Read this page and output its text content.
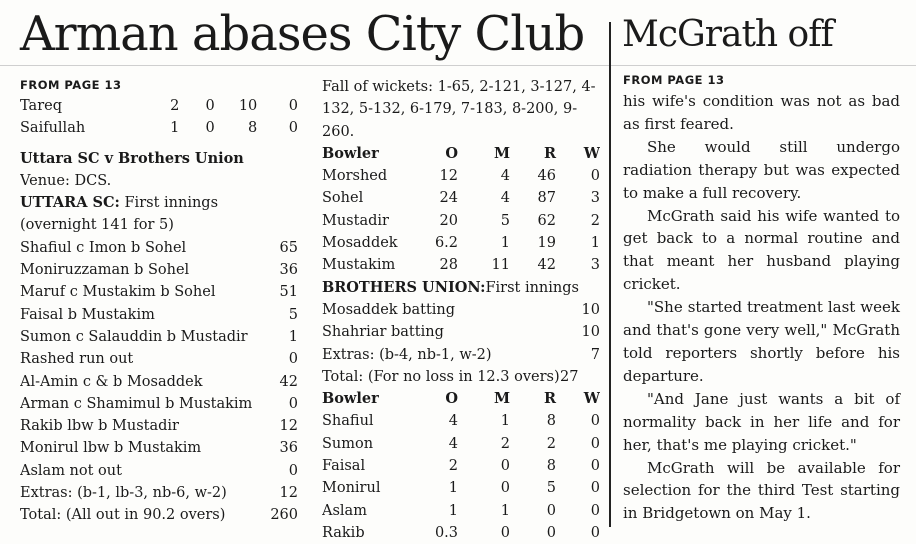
Arman abases City Club McGrath off
FROM PAGE 13
Tareq	2	0	10	0
Saifullah	1	0	8	0
Uttara SC v Brothers Union
Venue: DCS.
UTTARA SC: First innings (overnight 141 for 5)
Shafiul c Imon b Sohel	65
Moniruzzaman b Sohel	36
Maruf c Mustakim b Sohel	51
Faisal b Mustakim	5
Sumon c Salauddin b Mustadir	1
Rashed run out	0
Al-Amin c & b Mosaddek	42
Arman c Shamimul b Mustakim	0
Rakib lbw b Mustadir	12
Monirul lbw b Mustakim	36
Aslam not out	0
Extras: (b-1, lb-3, nb-6, w-2)	12
Total: (All out in 90.2 overs)	260
Fall of wickets: 1-65, 2-121, 3-127, 4-132, 5-132, 6-179, 7-183, 8-200, 9-260.
Bowler	O	M	R	W
Morshed	12	4	46	0
Sohel	24	4	87	3
Mustadir	20	5	62	2
Mosaddek	6.2	1	19	1
Mustakim	28	11	42	3
BROTHERS UNION: First innings
Mosaddek batting	10
Shahriar batting	10
Extras: (b-4, nb-1, w-2)	7
Total: (For no loss in 12.3 overs) 27
Bowler	O	M	R	W
Shafiul	4	1	8	0
Sumon	4	2	2	0
Faisal	2	0	8	0
Monirul	1	0	5	0
Aslam	1	1	0	0
Rakib	0.3	0	0	0
FROM PAGE 13

his wife's condition was not as bad as first feared.

She would still undergo radiation therapy but was expected to make a full recovery.

McGrath said his wife wanted to get back to a normal routine and that meant her husband playing cricket.

"She started treatment last week and that's gone very well," McGrath told reporters shortly before his departure.

"And Jane just wants a bit of normality back in her life and for her, that's me playing cricket."

McGrath will be available for selection for the third Test starting in Bridgetown on May 1.
